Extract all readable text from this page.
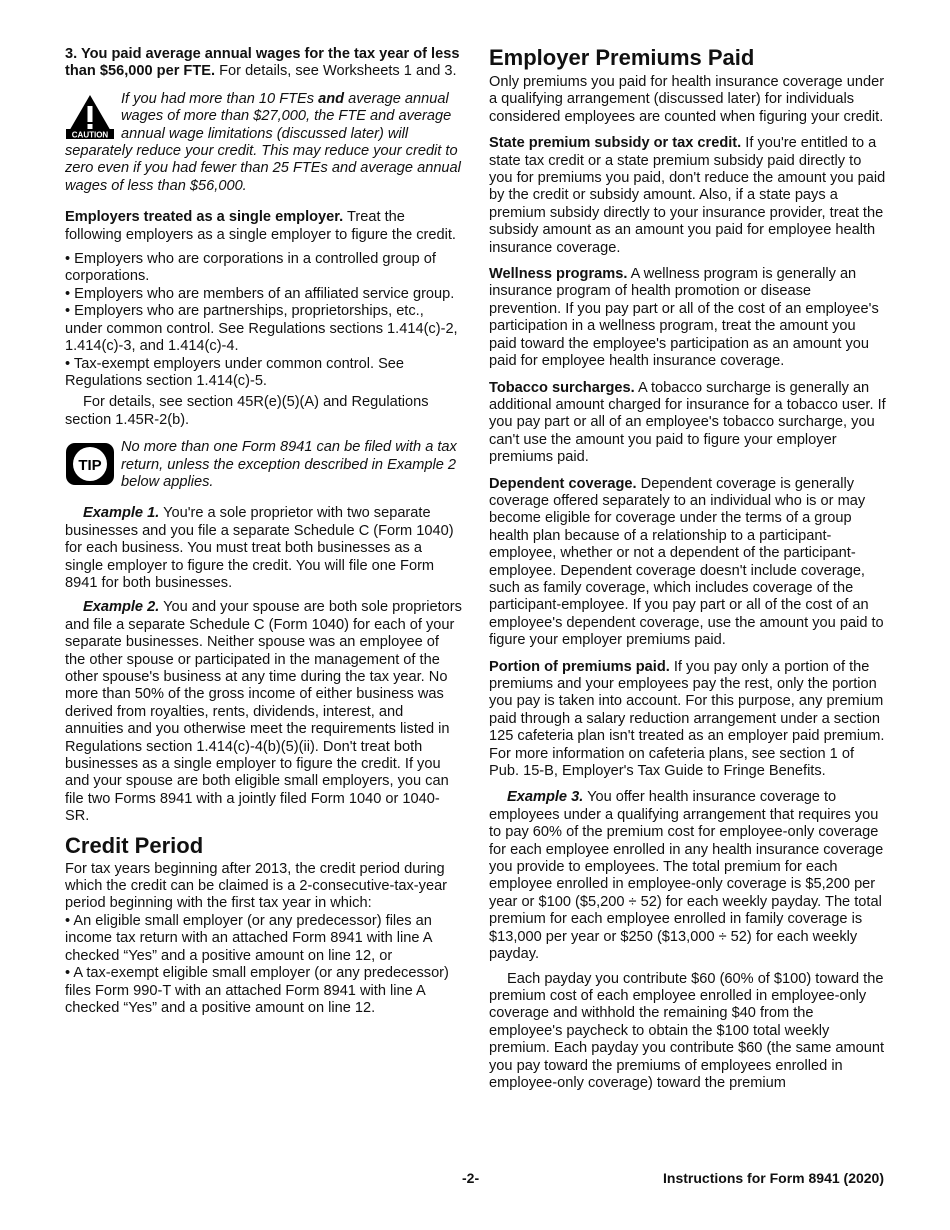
3. You paid average annual wages for the tax year of less than $56,000 per FTE. For details, see Worksheets 1 and 3.

CAUTION
If you had more than 10 FTEs and average annual wages of more than $27,000, the FTE and average annual wage limitations (discussed later) will separately reduce your credit. This may reduce your credit to zero even if you had fewer than 25 FTEs and average annual wages of less than $56,000.

Employers treated as a single employer. Treat the following employers as a single employer to figure the credit.

• Employers who are corporations in a controlled group of corporations.

• Employers who are members of an affiliated service group.

• Employers who are partnerships, proprietorships, etc., under common control. See Regulations sections 1.414(c)-2, 1.414(c)-3, and 1.414(c)-4.

• Tax-exempt employers under common control. See Regulations section 1.414(c)-5.

For details, see section 45R(e)(5)(A) and Regulations section 1.45R-2(b).

TIP
No more than one Form 8941 can be filed with a tax return, unless the exception described in Example 2 below applies.

Example 1. You're a sole proprietor with two separate businesses and you file a separate Schedule C (Form 1040) for each business. You must treat both businesses as a single employer to figure the credit. You will file one Form 8941 for both businesses.

Example 2. You and your spouse are both sole proprietors and file a separate Schedule C (Form 1040) for each of your separate businesses. Neither spouse was an employee of the other spouse or participated in the management of the other spouse's business at any time during the tax year. No more than 50% of the gross income of either business was derived from royalties, rents, dividends, interest, and annuities and you otherwise meet the requirements listed in Regulations section 1.414(c)-4(b)(5)(ii). Don't treat both businesses as a single employer to figure the credit. If you and your spouse are both eligible small employers, you can file two Forms 8941 with a jointly filed Form 1040 or 1040-SR.

Credit Period

For tax years beginning after 2013, the credit period during which the credit can be claimed is a 2-consecutive-tax-year period beginning with the first tax year in which:

• An eligible small employer (or any predecessor) files an income tax return with an attached Form 8941 with line A checked “Yes” and a positive amount on line 12, or

• A tax-exempt eligible small employer (or any predecessor) files Form 990-T with an attached Form 8941 with line A checked “Yes” and a positive amount on line 12.

Employer Premiums Paid

Only premiums you paid for health insurance coverage under a qualifying arrangement (discussed later) for individuals considered employees are counted when figuring your credit.

State premium subsidy or tax credit. If you're entitled to a state tax credit or a state premium subsidy paid directly to you for premiums you paid, don't reduce the amount you paid by the credit or subsidy amount. Also, if a state pays a premium subsidy directly to your insurance provider, treat the subsidy amount as an amount you paid for employee health insurance coverage.

Wellness programs. A wellness program is generally an insurance program of health promotion or disease prevention. If you pay part or all of the cost of an employee's participation in a wellness program, treat the amount you paid toward the employee's participation as an amount you paid for employee health insurance coverage.

Tobacco surcharges. A tobacco surcharge is generally an additional amount charged for insurance for a tobacco user. If you pay part or all of an employee's tobacco surcharge, you can't use the amount you paid to figure your employer premiums paid.

Dependent coverage. Dependent coverage is generally coverage offered separately to an individual who is or may become eligible for coverage under the terms of a group health plan because of a relationship to a participant-employee, whether or not a dependent of the participant-employee. Dependent coverage doesn't include coverage, such as family coverage, which includes coverage of the participant-employee. If you pay part or all of the cost of an employee's dependent coverage, use the amount you paid to figure your employer premiums paid.

Portion of premiums paid. If you pay only a portion of the premiums and your employees pay the rest, only the portion you pay is taken into account. For this purpose, any premium paid through a salary reduction arrangement under a section 125 cafeteria plan isn't treated as an employer paid premium. For more information on cafeteria plans, see section 1 of Pub. 15-B, Employer's Tax Guide to Fringe Benefits.

Example 3. You offer health insurance coverage to employees under a qualifying arrangement that requires you to pay 60% of the premium cost for employee-only coverage for each employee enrolled in any health insurance coverage you provide to employees. The total premium for each employee enrolled in employee-only coverage is $5,200 per year or $100 ($5,200 ÷ 52) for each weekly payday. The total premium for each employee enrolled in family coverage is $13,000 per year or $250 ($13,000 ÷ 52) for each weekly payday.

Each payday you contribute $60 (60% of $100) toward the premium cost of each employee enrolled in employee-only coverage and withhold the remaining $40 from the employee's paycheck to obtain the $100 total weekly premium. Each payday you contribute $60 (the same amount you pay toward the premiums of employees enrolled in employee-only coverage) toward the premium

-2-	Instructions for Form 8941 (2020)
